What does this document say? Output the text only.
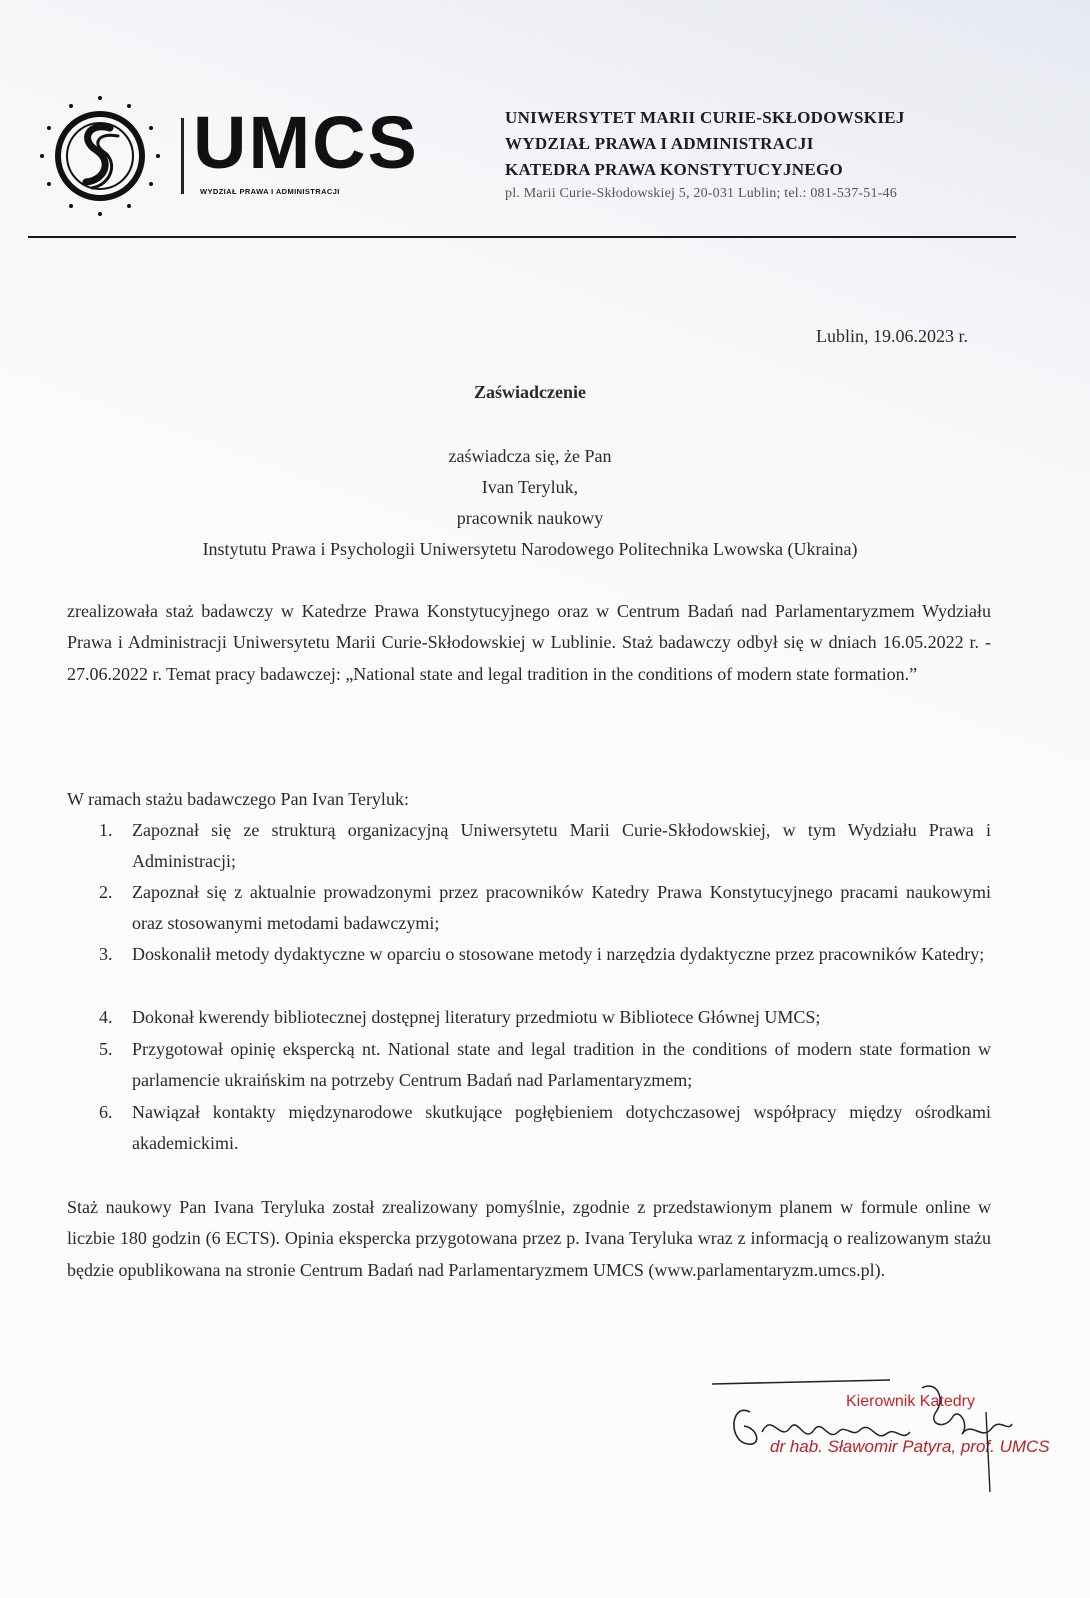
UMCS
WYDZIAŁ PRAWA I ADMINISTRACJI
UNIWERSYTET MARII CURIE-SKŁODOWSKIEJ
WYDZIAŁ PRAWA I ADMINISTRACJI
KATEDRA PRAWA KONSTYTUCYJNEGO
pl. Marii Curie-Skłodowskiej 5, 20-031 Lublin; tel.: 081-537-51-46
Lublin, 19.06.2023 r.
Zaświadczenie
zaświadcza się, że Pan
Ivan Teryluk,
pracownik naukowy
Instytutu Prawa i Psychologii Uniwersytetu Narodowego Politechnika Lwowska (Ukraina)
zrealizowała staż badawczy w Katedrze Prawa Konstytucyjnego oraz w Centrum Badań nad Parlamentaryzmem Wydziału Prawa i Administracji Uniwersytetu Marii Curie-Skłodowskiej w Lublinie. Staż badawczy odbył się w dniach 16.05.2022 r. - 27.06.2022 r. Temat pracy badawczej: „National state and legal tradition in the conditions of modern state formation.”
W ramach stażu badawczego Pan Ivan Teryluk:
1.	Zapoznał się ze strukturą organizacyjną Uniwersytetu Marii Curie-Skłodowskiej, w tym Wydziału Prawa i Administracji;
2.	Zapoznał się z aktualnie prowadzonymi przez pracowników Katedry Prawa Konstytucyjnego pracami naukowymi oraz stosowanymi metodami badawczymi;
3.	Doskonalił metody dydaktyczne w oparciu o stosowane metody i narzędzia dydaktyczne przez pracowników Katedry;
4.	Dokonał kwerendy bibliotecznej dostępnej literatury przedmiotu w Bibliotece Głównej UMCS;
5.	Przygotował opinię ekspercką nt. National state and legal tradition in the conditions of modern state formation w parlamencie ukraińskim na potrzeby Centrum Badań nad Parlamentaryzmem;
6.	Nawiązał kontakty międzynarodowe skutkujące pogłębieniem dotychczasowej współpracy między ośrodkami akademickimi.
Staż naukowy Pan Ivana Teryluka został zrealizowany pomyślnie, zgodnie z przedstawionym planem w formule online w liczbie 180 godzin (6 ECTS). Opinia ekspercka przygotowana przez p. Ivana Teryluka wraz z informacją o realizowanym stażu będzie opublikowana na stronie Centrum Badań nad Parlamentaryzmem UMCS (www.parlamentaryzm.umcs.pl).
Kierownik Katedry
dr hab. Sławomir Patyra, prof. UMCS
